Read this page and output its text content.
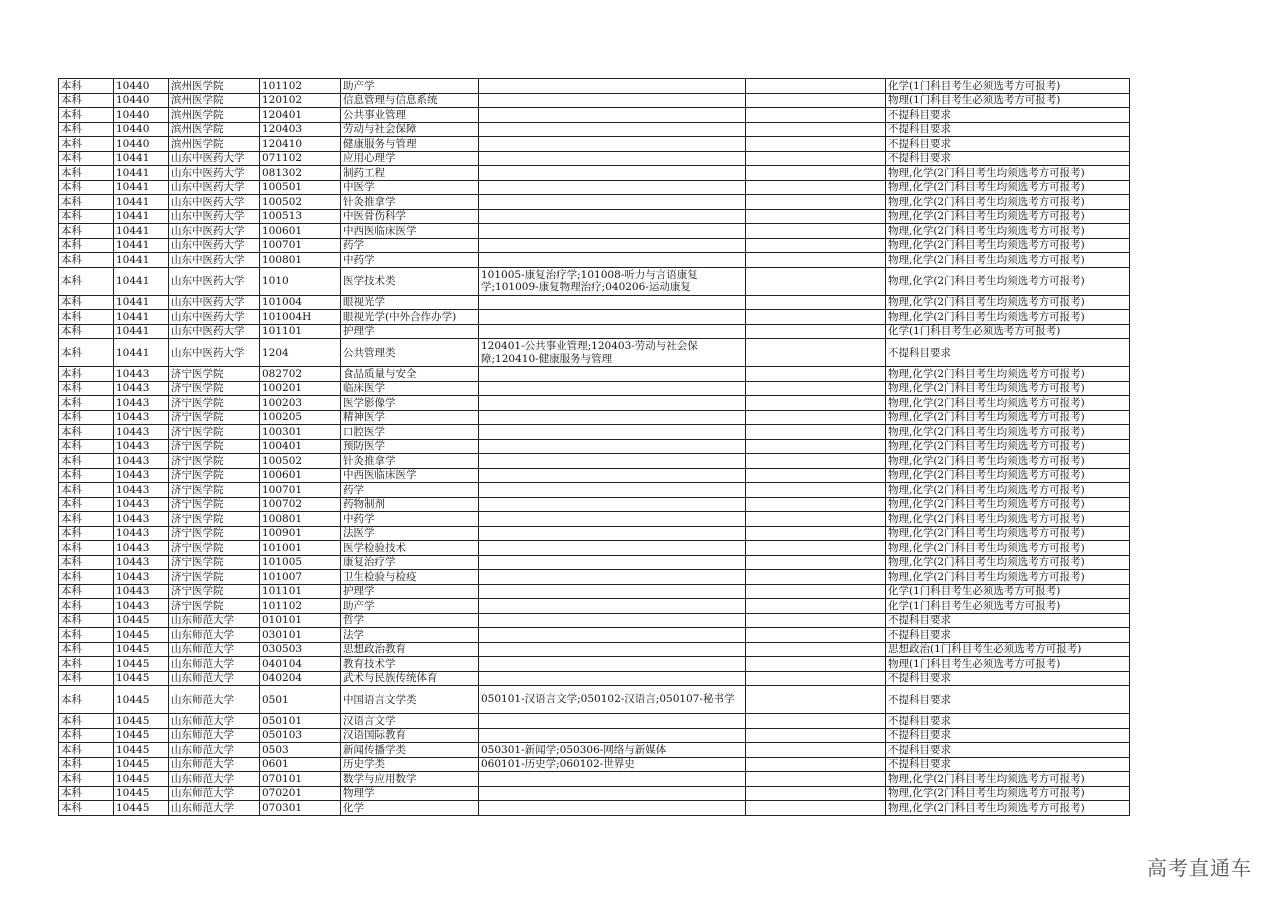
本科	10440	滨州医学院	101102	助产学			化学(1门科目考生必须选考方可报考)
本科	10440	滨州医学院	120102	信息管理与信息系统			物理(1门科目考生必须选考方可报考)
本科	10440	滨州医学院	120401	公共事业管理			不提科目要求
本科	10440	滨州医学院	120403	劳动与社会保障			不提科目要求
本科	10440	滨州医学院	120410	健康服务与管理			不提科目要求
本科	10441	山东中医药大学	071102	应用心理学			不提科目要求
本科	10441	山东中医药大学	081302	制药工程			物理,化学(2门科目考生均须选考方可报考)
本科	10441	山东中医药大学	100501	中医学			物理,化学(2门科目考生均须选考方可报考)
本科	10441	山东中医药大学	100502	针灸推拿学			物理,化学(2门科目考生均须选考方可报考)
本科	10441	山东中医药大学	100513	中医骨伤科学			物理,化学(2门科目考生均须选考方可报考)
本科	10441	山东中医药大学	100601	中西医临床医学			物理,化学(2门科目考生均须选考方可报考)
本科	10441	山东中医药大学	100701	药学			物理,化学(2门科目考生均须选考方可报考)
本科	10441	山东中医药大学	100801	中药学			物理,化学(2门科目考生均须选考方可报考)
本科	10441	山东中医药大学	1010	医学技术类	101005-康复治疗学;101008-听力与言语康复学;101009-康复物理治疗;040206-运动康复		物理,化学(2门科目考生均须选考方可报考)
本科	10441	山东中医药大学	101004	眼视光学			物理,化学(2门科目考生均须选考方可报考)
本科	10441	山东中医药大学	101004H	眼视光学(中外合作办学)			物理,化学(2门科目考生均须选考方可报考)
本科	10441	山东中医药大学	101101	护理学			化学(1门科目考生必须选考方可报考)
本科	10441	山东中医药大学	1204	公共管理类	120401-公共事业管理;120403-劳动与社会保障;120410-健康服务与管理		不提科目要求
本科	10443	济宁医学院	082702	食品质量与安全			物理,化学(2门科目考生均须选考方可报考)
本科	10443	济宁医学院	100201	临床医学			物理,化学(2门科目考生均须选考方可报考)
本科	10443	济宁医学院	100203	医学影像学			物理,化学(2门科目考生均须选考方可报考)
本科	10443	济宁医学院	100205	精神医学			物理,化学(2门科目考生均须选考方可报考)
本科	10443	济宁医学院	100301	口腔医学			物理,化学(2门科目考生均须选考方可报考)
本科	10443	济宁医学院	100401	预防医学			物理,化学(2门科目考生均须选考方可报考)
本科	10443	济宁医学院	100502	针灸推拿学			物理,化学(2门科目考生均须选考方可报考)
本科	10443	济宁医学院	100601	中西医临床医学			物理,化学(2门科目考生均须选考方可报考)
本科	10443	济宁医学院	100701	药学			物理,化学(2门科目考生均须选考方可报考)
本科	10443	济宁医学院	100702	药物制剂			物理,化学(2门科目考生均须选考方可报考)
本科	10443	济宁医学院	100801	中药学			物理,化学(2门科目考生均须选考方可报考)
本科	10443	济宁医学院	100901	法医学			物理,化学(2门科目考生均须选考方可报考)
本科	10443	济宁医学院	101001	医学检验技术			物理,化学(2门科目考生均须选考方可报考)
本科	10443	济宁医学院	101005	康复治疗学			物理,化学(2门科目考生均须选考方可报考)
本科	10443	济宁医学院	101007	卫生检验与检疫			物理,化学(2门科目考生均须选考方可报考)
本科	10443	济宁医学院	101101	护理学			化学(1门科目考生必须选考方可报考)
本科	10443	济宁医学院	101102	助产学			化学(1门科目考生必须选考方可报考)
本科	10445	山东师范大学	010101	哲学			不提科目要求
本科	10445	山东师范大学	030101	法学			不提科目要求
本科	10445	山东师范大学	030503	思想政治教育			思想政治(1门科目考生必须选考方可报考)
本科	10445	山东师范大学	040104	教育技术学			物理(1门科目考生必须选考方可报考)
本科	10445	山东师范大学	040204	武术与民族传统体育			不提科目要求
本科	10445	山东师范大学	0501	中国语言文学类	050101-汉语言文学;050102-汉语言;050107-秘书学		不提科目要求
本科	10445	山东师范大学	050101	汉语言文学			不提科目要求
本科	10445	山东师范大学	050103	汉语国际教育			不提科目要求
本科	10445	山东师范大学	0503	新闻传播学类	050301-新闻学;050306-网络与新媒体		不提科目要求
本科	10445	山东师范大学	0601	历史学类	060101-历史学;060102-世界史		不提科目要求
本科	10445	山东师范大学	070101	数学与应用数学			物理,化学(2门科目考生均须选考方可报考)
本科	10445	山东师范大学	070201	物理学			物理,化学(2门科目考生均须选考方可报考)
本科	10445	山东师范大学	070301	化学			物理,化学(2门科目考生均须选考方可报考)
高考直通车
